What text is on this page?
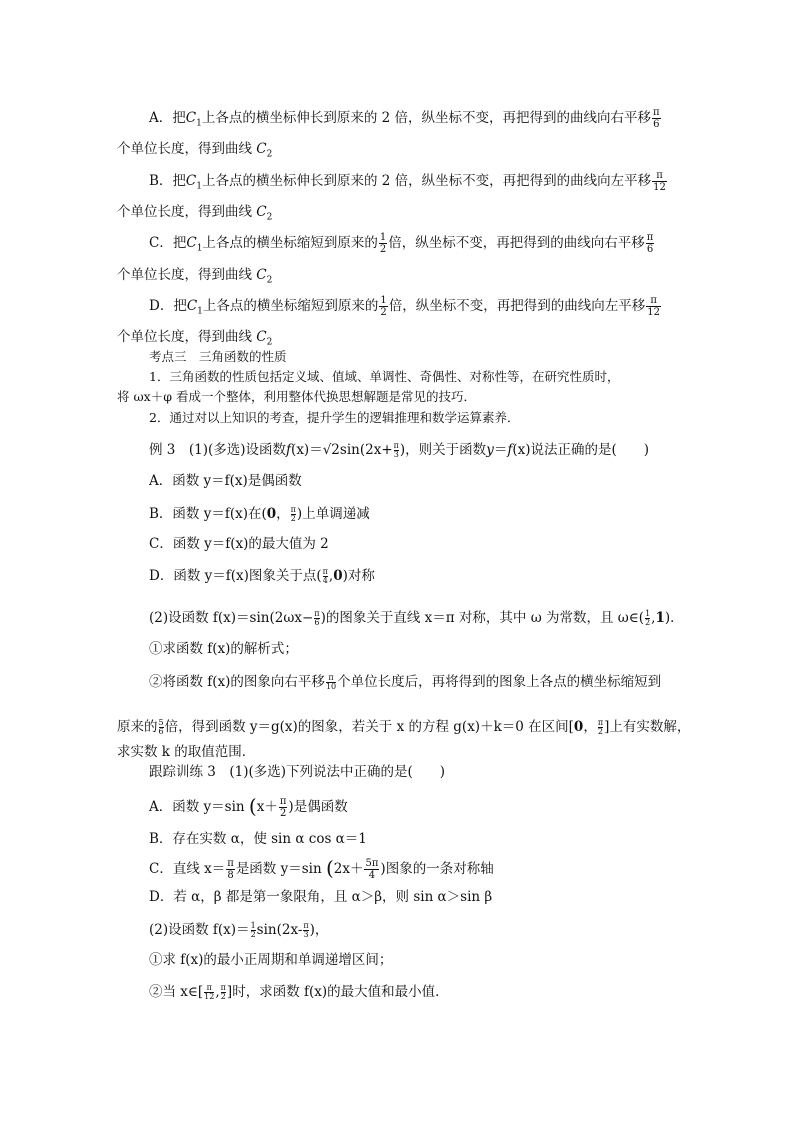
A．把$C_1$上各点的横坐标伸长到原来的 2 倍，纵坐标不变，再把得到的曲线向右平移 $\frac{\pi}{6}$
个单位长度，得到曲线 $C_2$
B．把$C_1$上各点的横坐标伸长到原来的 2 倍，纵坐标不变，再把得到的曲线向左平移 $\frac{\pi}{12}$
个单位长度，得到曲线 $C_2$
C．把$C_1$上各点的横坐标缩短到原来的 $\frac{1}{2}$ 倍，纵坐标不变，再把得到的曲线向右平移 $\frac{\pi}{6}$
个单位长度，得到曲线 $C_2$
D．把$C_1$上各点的横坐标缩短到原来的 $\frac{1}{2}$ 倍，纵坐标不变，再把得到的曲线向左平移 $\frac{\pi}{12}$
个单位长度，得到曲线 $C_2$
考点三　三角函数的性质
1．三角函数的性质包括定义域、值域、单调性、奇偶性、对称性等，在研究性质时，
将 ωx＋φ 看成一个整体，利用整体代换思想解题是常见的技巧．
2．通过对以上知识的考查，提升学生的逻辑推理和数学运算素养．
例 3　(1)(多选)设函数$f(x)=√2\sin(2x+ \frac{\pi}{3}$ )，则关于函数y＝f(x)说法正确的是(　　)
A．函数 y＝f(x)是偶函数
B．函数 y＝f(x)在(0， $\frac{\pi}{2}$ )上单调递减
C．函数 y＝f(x)的最大值为 2
D．函数 y＝f(x)图象关于点( $\frac{\pi}{4} ,0$)对称
(2)设函数 $f(x)=\sin(2\omega x- \frac{\pi}{6}$ )的图象关于直线 x＝π 对称，其中 ω 为常数，且 ω∈( $\frac{1}{2} ,1$)．
①求函数 f(x)的解析式；
②将函数 f(x)的图象向右平移 $\frac{\pi}{10}$ 个单位长度后，再将得到的图象上各点的横坐标缩短到
原来的 $\frac{5}{6}$ 倍，得到函数 y＝g(x)的图象，若关于 x 的方程 g(x)＋k＝0 在区间[0， $\frac{\pi}{2}$ ]上有实数解，
求实数 k 的取值范围．
跟踪训练 3　(1)(多选)下列说法中正确的是(　　)
A．函数 y＝sin ($x+ \frac{\pi}{2}$ )是偶函数
B．存在实数 α，使 sin α cos α＝1
C．直线 $x= \frac{\pi}{8}$ 是函数 y＝sin ($2x+ \frac{5\pi}{4}$ )图象的一条对称轴
D．若 α，β 都是第一象限角，且 α＞β，则 sin α＞sin β
(2)设函数 $f(x)= \frac{1}{2} \sin(2x- \frac{\pi}{3}$ )，
①求 f(x)的最小正周期和单调递增区间；
②当 x∈[ $\frac{\pi}{12}$ , $\frac{\pi}{2}$ ]时，求函数 f(x)的最大值和最小值．
